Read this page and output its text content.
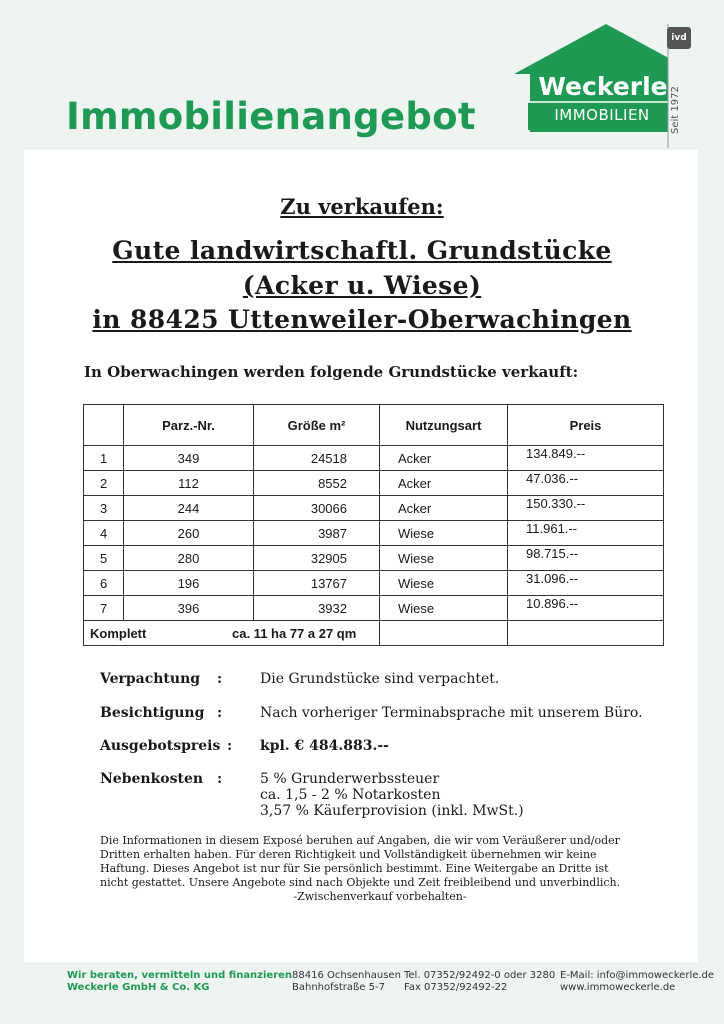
Immobilienangebot
ivd
Weckerle
IMMOBILIEN	Seit 1972
Zu verkaufen:
Gute landwirtschaftl. Grundstücke
(Acker u. Wiese)
in 88425 Uttenweiler-Oberwachingen
In Oberwachingen werden folgende Grundstücke verkauft:
	Parz.-Nr.	Größe m²	Nutzungsart	Preis
1	349	24518	Acker	134.849.--
2	112	8552	Acker	47.036.--
3	244	30066	Acker	150.330.--
4	260	3987	Wiese	11.961.--
5	280	32905	Wiese	98.715.--
6	196	13767	Wiese	31.096.--
7	396	3932	Wiese	10.896.--
Komplett ca. 11 ha 77 a 27 qm				

Verpachtung	:	Die Grundstücke sind verpachtet.
Besichtigung :	Nach vorheriger Terminabsprache mit unserem Büro.
Ausgebotspreis : kpl. € 484.883.--
Nebenkosten :	5 % Grunderwerbssteuer
ca. 1,5 - 2 % Notarkosten
3,57 % Käuferprovision (inkl. MwSt.)
Die Informationen in diesem Exposé beruhen auf Angaben, die wir vom Veräußerer und/oder
Dritten erhalten haben. Für deren Richtigkeit und Vollständigkeit übernehmen wir keine
Haftung. Dieses Angebot ist nur für Sie persönlich bestimmt. Eine Weitergabe an Dritte ist
nicht gestattet. Unsere Angebote sind nach Objekte und Zeit freibleibend und unverbindlich.
-Zwischenverkauf vorbehalten-
Wir beraten, vermitteln und finanzieren
Weckerle GmbH & Co. KG
88416 Ochsenhausen
Bahnhofstraße 5-7
Tel. 07352/92492-0 oder 3280
Fax 07352/92492-22
E-Mail: info@immoweckerle.de
www.immoweckerle.de
